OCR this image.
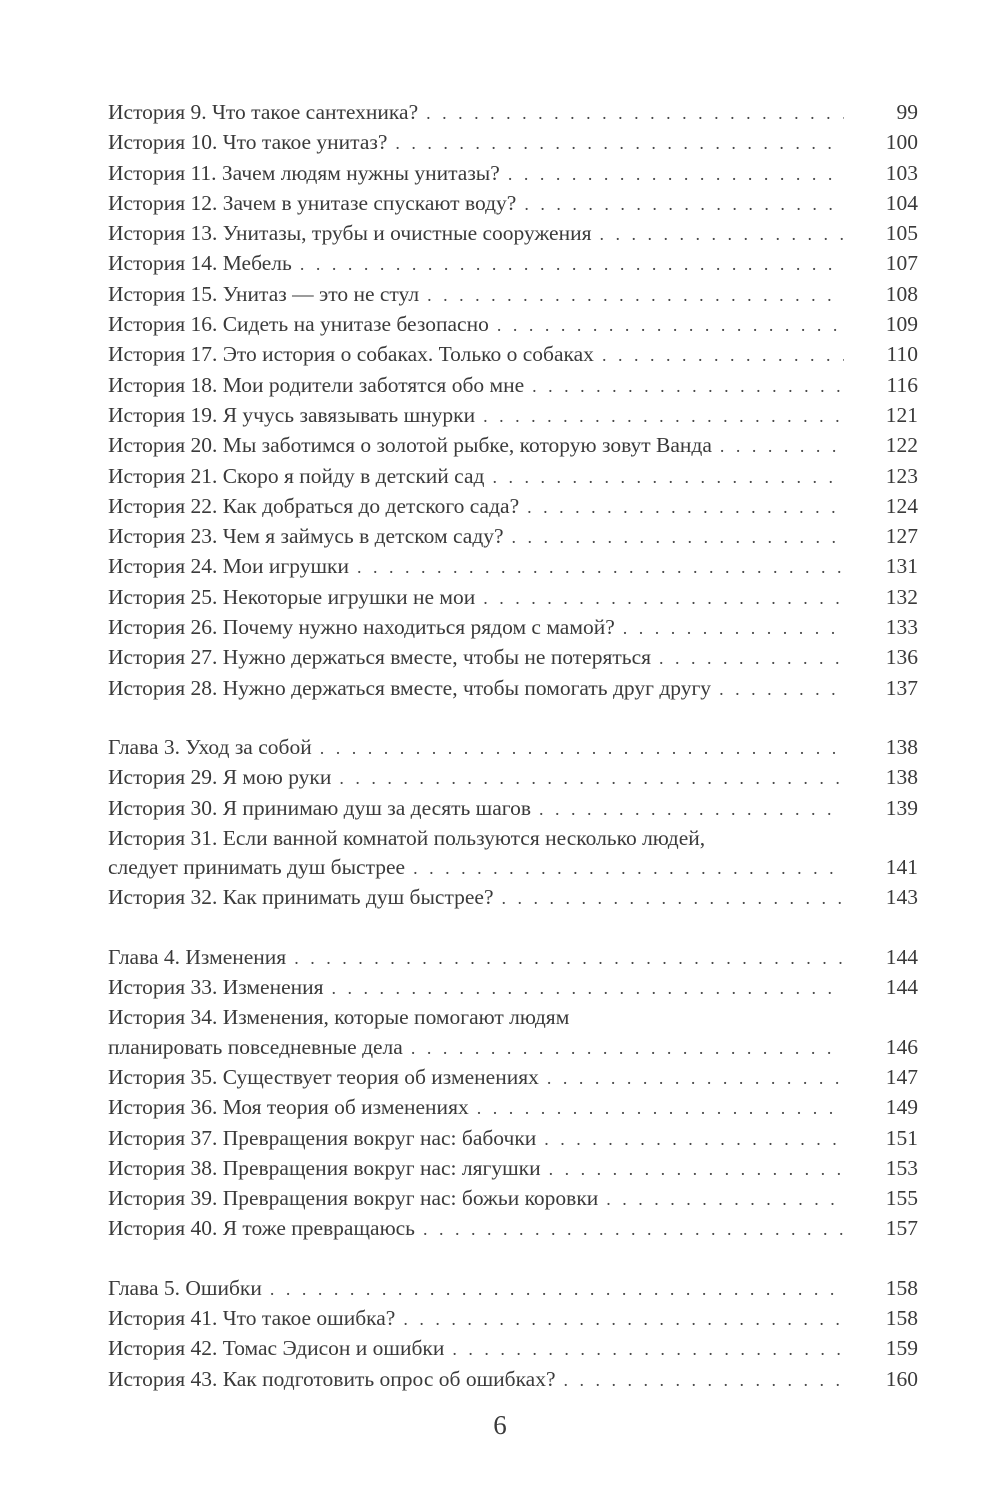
История 9. Что такое сантехника? . . .	99
История 10. Что такое унитаз? . . .	100
История 11. Зачем людям нужны унитазы? . . .	103
История 12. Зачем в унитазе спускают воду? . . .	104
История 13. Унитазы, трубы и очистные сооружения . . .	105
История 14. Мебель . . .	107
История 15. Унитаз — это не стул . . .	108
История 16. Сидеть на унитазе безопасно . . .	109
История 17. Это история о собаках. Только о собаках . . .	110
История 18. Мои родители заботятся обо мне . . .	116
История 19. Я учусь завязывать шнурки . . .	121
История 20. Мы заботимся о золотой рыбке, которую зовут Ванда . . .	122
История 21. Скоро я пойду в детский сад . . .	123
История 22. Как добраться до детского сада? . . .	124
История 23. Чем я займусь в детском саду? . . .	127
История 24. Мои игрушки . . .	131
История 25. Некоторые игрушки не мои . . .	132
История 26. Почему нужно находиться рядом с мамой? . . .	133
История 27. Нужно держаться вместе, чтобы не потеряться . . .	136
История 28. Нужно держаться вместе, чтобы помогать друг другу . . .	137
Глава 3. Уход за собой . . .	138
История 29. Я мою руки . . .	138
История 30. Я принимаю душ за десять шагов . . .	139
История 31. Если ванной комнатой пользуются несколько людей,
следует принимать душ быстрее . . .	141
История 32. Как принимать душ быстрее? . . .	143
Глава 4. Изменения . . .	144
История 33. Изменения . . .	144
История 34. Изменения, которые помогают людям
планировать повседневные дела . . .	146
История 35. Существует теория об изменениях . . .	147
История 36. Моя теория об изменениях . . .	149
История 37. Превращения вокруг нас: бабочки . . .	151
История 38. Превращения вокруг нас: лягушки . . .	153
История 39. Превращения вокруг нас: божьи коровки . . .	155
История 40. Я тоже превращаюсь . . .	157
Глава 5. Ошибки . . .	158
История 41. Что такое ошибка? . . .	158
История 42. Томас Эдисон и ошибки . . .	159
История 43. Как подготовить опрос об ошибках? . . .	160
6
